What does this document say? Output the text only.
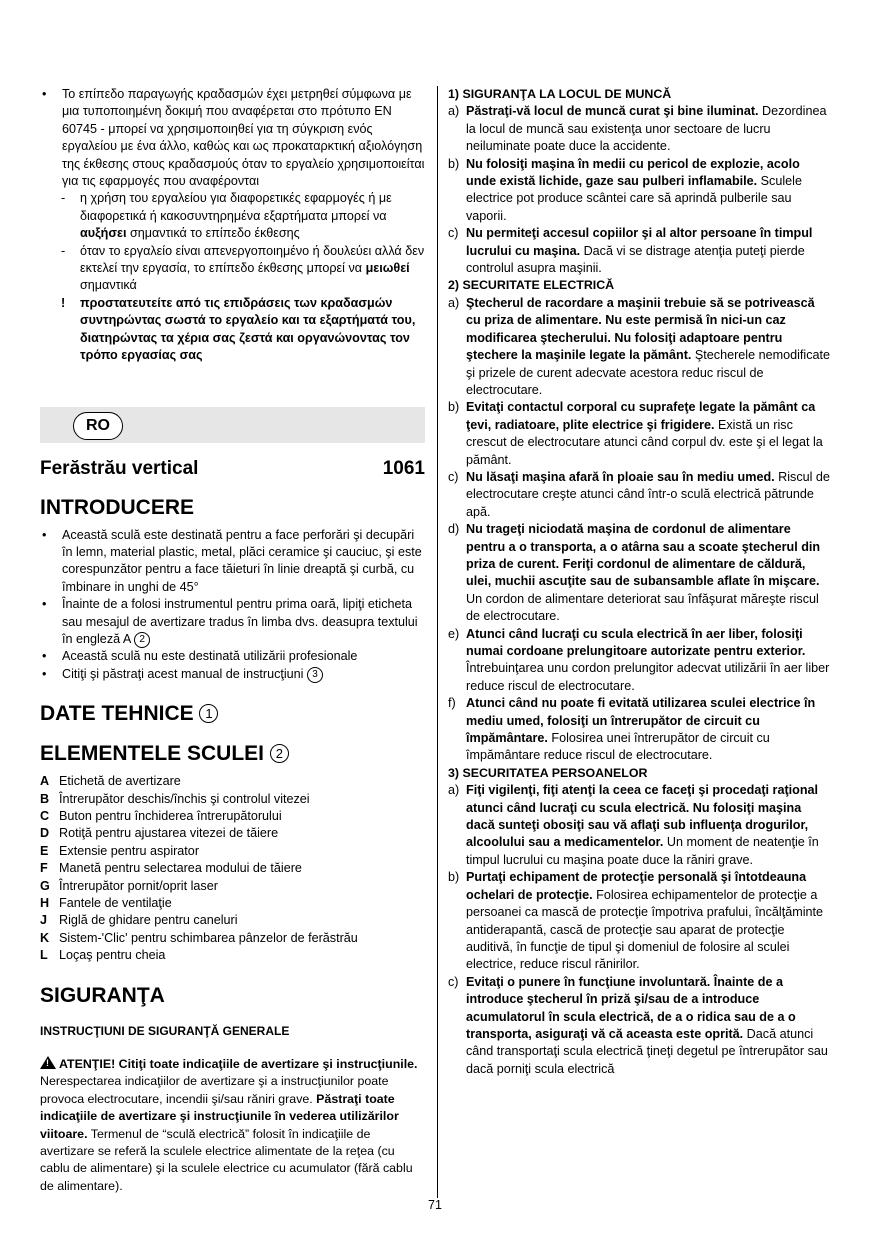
• Το επίπεδο παραγωγής κραδασμών έχει μετρηθεί σύμφωνα με μια τυποποιημένη δοκιμή που αναφέρεται στο πρότυπο EN 60745 - μπορεί να χρησιμοποιηθεί για τη σύγκριση ενός εργαλείου με ένα άλλο, καθώς και ως προκαταρκτική αξιολόγηση της έκθεσης στους κραδασμούς όταν το εργαλείο χρησιμοποιείται για τις εφαρμογές που αναφέρονται
- η χρήση του εργαλείου για διαφορετικές εφαρμογές ή με διαφορετικά ή κακοσυντηρημένα εξαρτήματα μπορεί να αυξήσει σημαντικά το επίπεδο έκθεσης
- όταν το εργαλείο είναι απενεργοποιημένο ή δουλεύει αλλά δεν εκτελεί την εργασία, το επίπεδο έκθεσης μπορεί να μειωθεί σημαντικά
! προστατευτείτε από τις επιδράσεις των κραδασμών συντηρώντας σωστά το εργαλείο και τα εξαρτήματά του, διατηρώντας τα χέρια σας ζεστά και οργανώνοντας τον τρόπο εργασίας σας
RO
Ferăstrău vertical	1061
INTRODUCERE
• Această sculă este destinată pentru a face perforări şi decupări în lemn, material plastic, metal, plăci ceramice şi cauciuc, şi este corespunzător pentru a face tăieturi în linie dreaptă şi curbă, cu îmbinare in unghi de 45°
• Înainte de a folosi instrumentul pentru prima oară, lipiţi eticheta sau mesajul de avertizare tradus în limba dvs. deasupra textului în engleză A 2
• Această sculă nu este destinată utilizării profesionale
• Citiţi şi păstraţi acest manual de instrucţiuni 3
DATE TEHNICE 1
ELEMENTELE SCULEI 2
A Etichetă de avertizare
B Întrerupător deschis/închis şi controlul vitezei
C Buton pentru închiderea întrerupătorului
D Rotiţă pentru ajustarea vitezei de tăiere
E Extensie pentru aspirator
F Manetă pentru selectarea modului de tăiere
G Întrerupător pornit/oprit laser
H Fantele de ventilaţie
J Riglă de ghidare pentru caneluri
K Sistem-'Clic' pentru schimbarea pânzelor de ferăstrău
L Loçaş pentru cheia
SIGURANŢA
INSTRUCŢIUNI DE SIGURANŢĂ GENERALE
!ATENŢIE! Citiţi toate indicaţiile de avertizare şi instrucţiunile. Nerespectarea indicaţiilor de avertizare şi a instrucţiunilor poate provoca electrocutare, incendii şi/sau răniri grave. Păstraţi toate indicaţiile de avertizare şi instrucţiunile în vederea utilizărilor viitoare. Termenul de “sculă electrică” folosit în indicaţiile de avertizare se referă la sculele electrice alimentate de la reţea (cu cablu de alimentare) şi la sculele electrice cu acumulator (fără cablu de alimentare).
1) SIGURANŢA LA LOCUL DE MUNCĂ
a) Păstraţi-vă locul de muncă curat şi bine iluminat. Dezordinea la locul de muncă sau existenţa unor sectoare de lucru neiluminate poate duce la accidente.
b) Nu folosiţi maşina în medii cu pericol de explozie, acolo unde există lichide, gaze sau pulberi inflamabile. Sculele electrice pot produce scântei care să aprindă pulberile sau vaporii.
c) Nu permiteţi accesul copiilor şi al altor persoane în timpul lucrului cu maşina. Dacă vi se distrage atenţia puteţi pierde controlul asupra maşinii.
2) SECURITATE ELECTRICĂ
a) Ştecherul de racordare a maşinii trebuie să se potrivească cu priza de alimentare. Nu este permisă în nici-un caz modificarea ştecherului. Nu folosiţi adaptoare pentru ştechere la maşinile legate la pământ. Ştecherele nemodificate şi prizele de curent adecvate acestora reduc riscul de electrocutare.
b) Evitaţi contactul corporal cu suprafeţe legate la pământ ca ţevi, radiatoare, plite electrice şi frigidere. Există un risc crescut de electrocutare atunci când corpul dv. este şi el legat la pământ.
c) Nu lăsaţi maşina afară în ploaie sau în mediu umed. Riscul de electrocutare creşte atunci când într-o sculă electrică pătrunde apă.
d) Nu trageţi niciodată maşina de cordonul de alimentare pentru a o transporta, a o atârna sau a scoate ştecherul din priza de curent. Feriţi cordonul de alimentare de căldură, ulei, muchii ascuţite sau de subansamble aflate în mişcare. Un cordon de alimentare deteriorat sau înfăşurat măreşte riscul de electrocutare.
e) Atunci când lucraţi cu scula electrică în aer liber, folosiţi numai cordoane prelungitoare autorizate pentru exterior. Întrebuinţarea unu cordon prelungitor adecvat utilizării în aer liber reduce riscul de electrocutare.
f) Atunci când nu poate fi evitată utilizarea sculei electrice în mediu umed, folosiţi un întrerupător de circuit cu împământare. Folosirea unei întrerupător de circuit cu împământare reduce riscul de electrocutare.
3) SECURITATEA PERSOANELOR
a) Fiţi vigilenţi, fiţi atenţi la ceea ce faceţi şi procedaţi raţional atunci când lucraţi cu scula electrică. Nu folosiţi maşina dacă sunteţi obosiţi sau vă aflaţi sub influenţa drogurilor, alcoolului sau a medicamentelor. Un moment de neatenţie în timpul lucrului cu maşina poate duce la răniri grave.
b) Purtaţi echipament de protecţie personală şi întotdeauna ochelari de protecţie. Folosirea echipamentelor de protecţie a persoanei ca mască de protecţie împotriva prafului, încălţăminte antiderapantă, cască de protecţie sau aparat de protecţie auditivă, în funcţie de tipul şi domeniul de folosire al sculei electrice, reduce riscul rănirilor.
c) Evitaţi o punere în funcţiune involuntară. Înainte de a introduce ştecherul în priză şi/sau de a introduce acumulatorul în scula electrică, de a o ridica sau de a o transporta, asiguraţi vă că aceasta este oprită. Dacă atunci când transportaţi scula electrică ţineţi degetul pe întrerupător sau dacă porniţi scula electrică
71
